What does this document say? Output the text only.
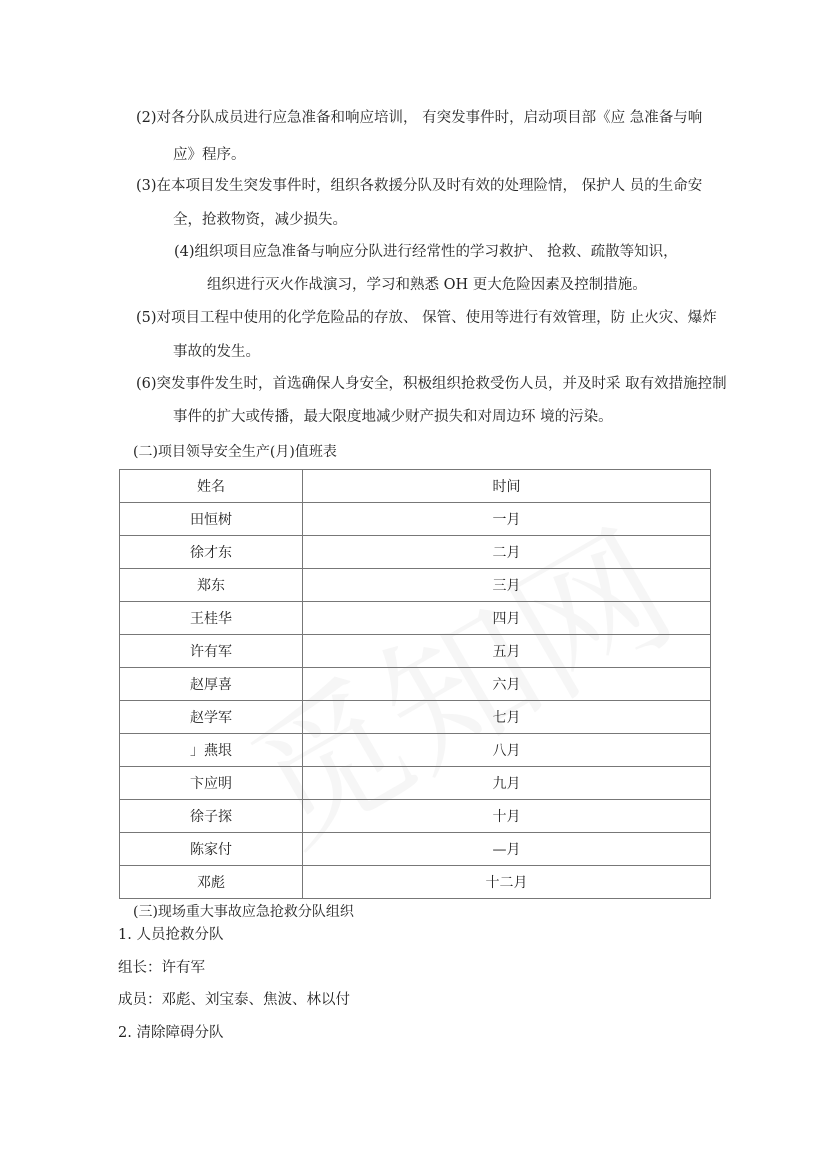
(2)对各分队成员进行应急准备和响应培训， 有突发事件时，启动项目部《应 急准备与响
应》程序。
(3)在本项目发生突发事件时，组织各救援分队及时有效的处理险情， 保护人 员的生命安
全，抢救物资，减少损失。
(4)组织项目应急准备与响应分队进行经常性的学习救护、 抢救、疏散等知识，
组织进行灭火作战演习，学习和熟悉 OH 更大危险因素及控制措施。
(5)对项目工程中使用的化学危险品的存放、 保管、使用等进行有效管理，防 止火灾、爆炸
事故的发生。
(6)突发事件发生时，首选确保人身安全，积极组织抢救受伤人员，并及时采 取有效措施控制
事件的扩大或传播，最大限度地减少财产损失和对周边环 境的污染。
(二)项目领导安全生产(月)值班表
姓名	时间
田恒树	一月
徐才东	二月
郑东	三月
王桂华	四月
许有军	五月
赵厚喜	六月
赵学军	七月
」燕垠	八月
卞应明	九月
徐子探	十月
陈家付	—月
邓彪	十二月
(三)现场重大事故应急抢救分队组织
1. 人员抢救分队
组长：许有军
成员：邓彪、刘宝泰、焦波、林以付
2. 清除障碍分队
